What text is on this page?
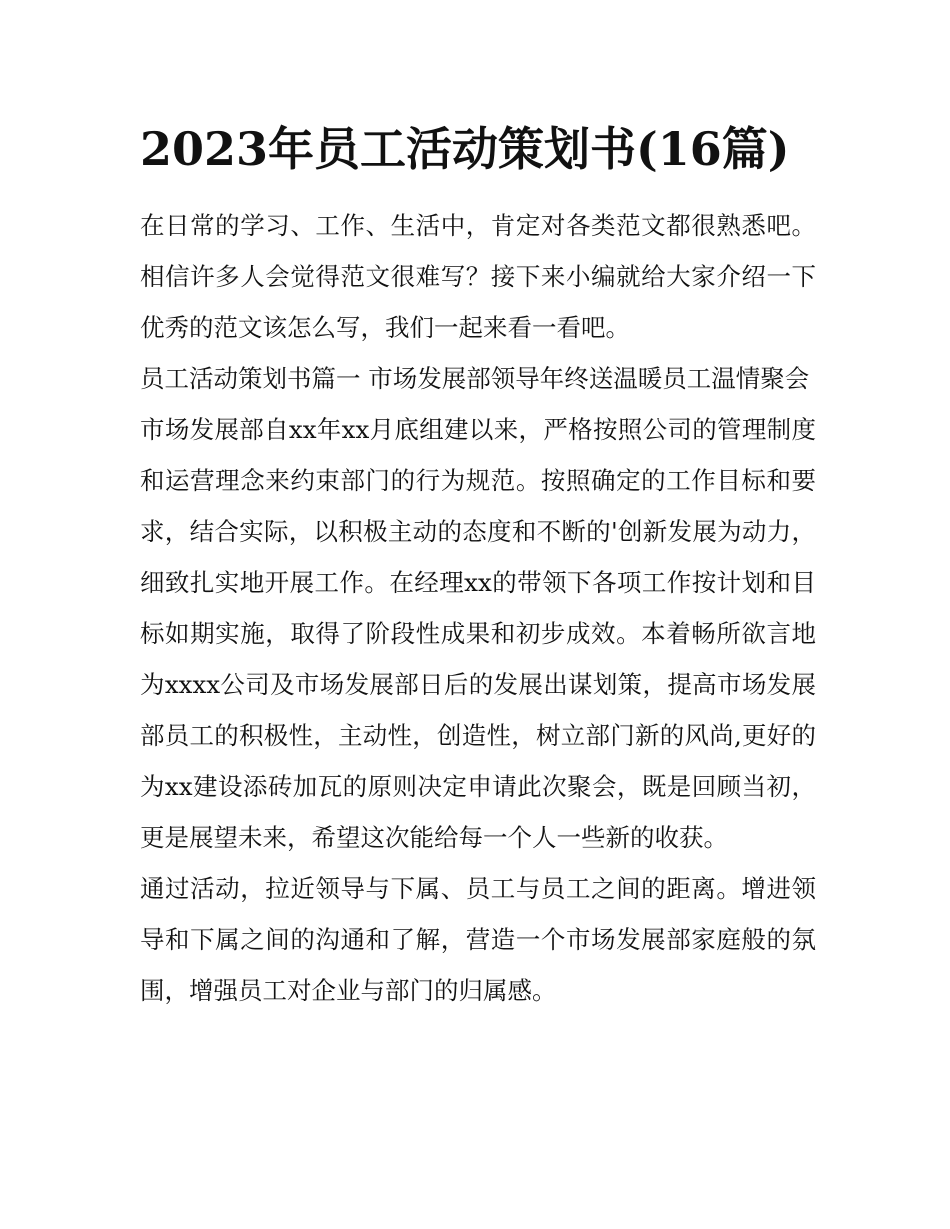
2023年员工活动策划书(16篇)

在日常的学习、工作、生活中，肯定对各类范文都很熟悉吧。相信许多人会觉得范文很难写？接下来小编就给大家介绍一下优秀的范文该怎么写，我们一起来看一看吧。

员工活动策划书篇一 市场发展部领导年终送温暖员工温情聚会

市场发展部自xx年xx月底组建以来，严格按照公司的管理制度和运营理念来约束部门的行为规范。按照确定的工作目标和要求，结合实际，以积极主动的态度和不断的'创新发展为动力，细致扎实地开展工作。在经理xx的带领下各项工作按计划和目标如期实施，取得了阶段性成果和初步成效。本着畅所欲言地为xxxx公司及市场发展部日后的发展出谋划策，提高市场发展部员工的积极性，主动性，创造性，树立部门新的风尚,更好的为xx建设添砖加瓦的原则决定申请此次聚会，既是回顾当初，更是展望未来，希望这次能给每一个人一些新的收获。

通过活动，拉近领导与下属、员工与员工之间的距离。增进领导和下属之间的沟通和了解，营造一个市场发展部家庭般的氛围，增强员工对企业与部门的归属感。
